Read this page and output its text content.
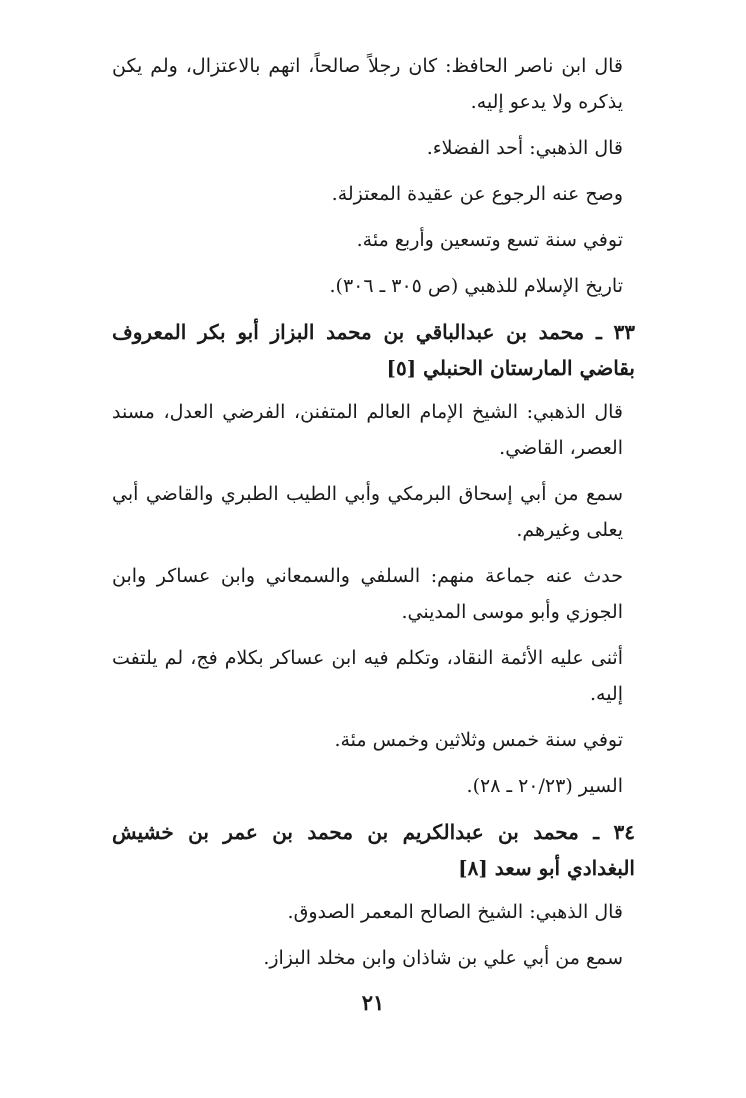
قال ابن ناصر الحافظ: كان رجلاً صالحاً، اتهم بالاعتزال، ولم يكن يذكره ولا يدعو إليه.

قال الذهبي: أحد الفضلاء.

وصح عنه الرجوع عن عقيدة المعتزلة.

توفي سنة تسع وتسعين وأربع مئة.

تاريخ الإسلام للذهبي (ص ٣٠٥ ـ ٣٠٦).

٣٣ ـ محمد بن عبدالباقي بن محمد البزاز أبو بكر المعروف بقاضي المارستان الحنبلي [٥]

قال الذهبي: الشيخ الإمام العالم المتفنن، الفرضي العدل، مسند العصر، القاضي.

سمع من أبي إسحاق البرمكي وأبي الطيب الطبري والقاضي أبي يعلى وغيرهم.

حدث عنه جماعة منهم: السلفي والسمعاني وابن عساكر وابن الجوزي وأبو موسى المديني.

أثنى عليه الأئمة النقاد، وتكلم فيه ابن عساكر بكلام فج، لم يلتفت إليه.

توفي سنة خمس وثلاثين وخمس مئة.

السير (٢٠/٢٣ ـ ٢٨).

٣٤ ـ محمد بن عبدالكريم بن محمد بن عمر بن خشيش البغدادي أبو سعد [٨]

قال الذهبي: الشيخ الصالح المعمر الصدوق.

سمع من أبي علي بن شاذان وابن مخلد البزاز.

٢١
